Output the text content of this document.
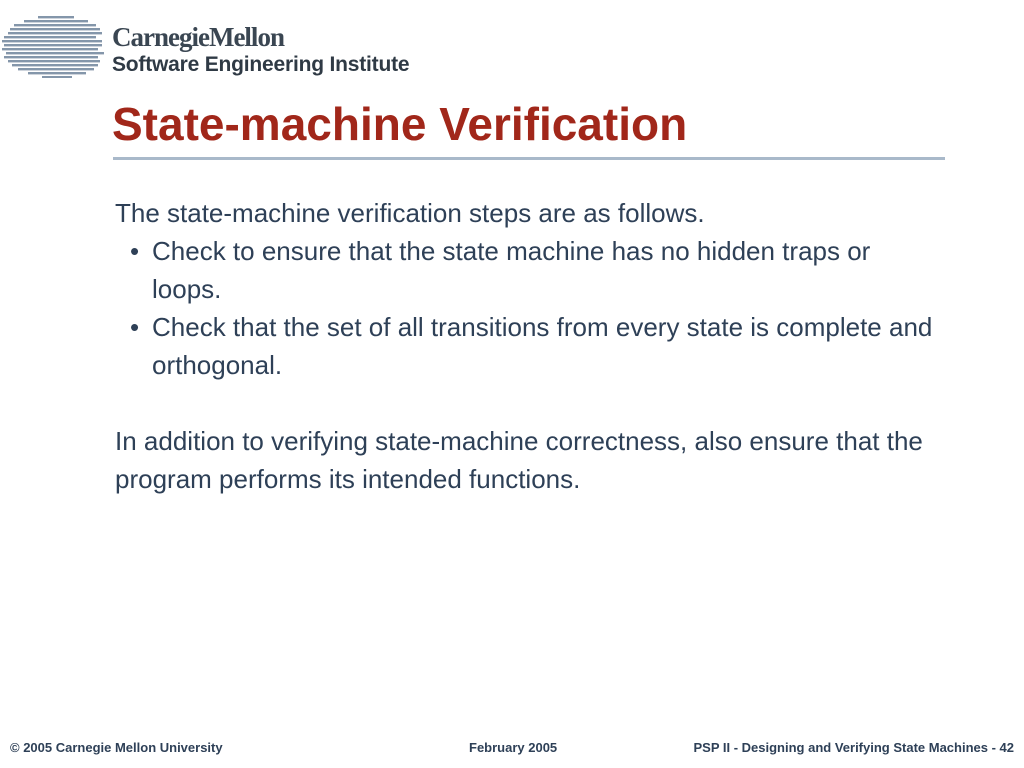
CarnegieMellon
Software Engineering Institute
State-machine Verification

The state-machine verification steps are as follows.

• Check to ensure that the state machine has no hidden traps or loops.
• Check that the set of all transitions from every state is complete and orthogonal.

In addition to verifying state-machine correctness, also ensure that the program performs its intended functions.

© 2005 Carnegie Mellon University	February 2005	PSP II - Designing and Verifying State Machines - 42
